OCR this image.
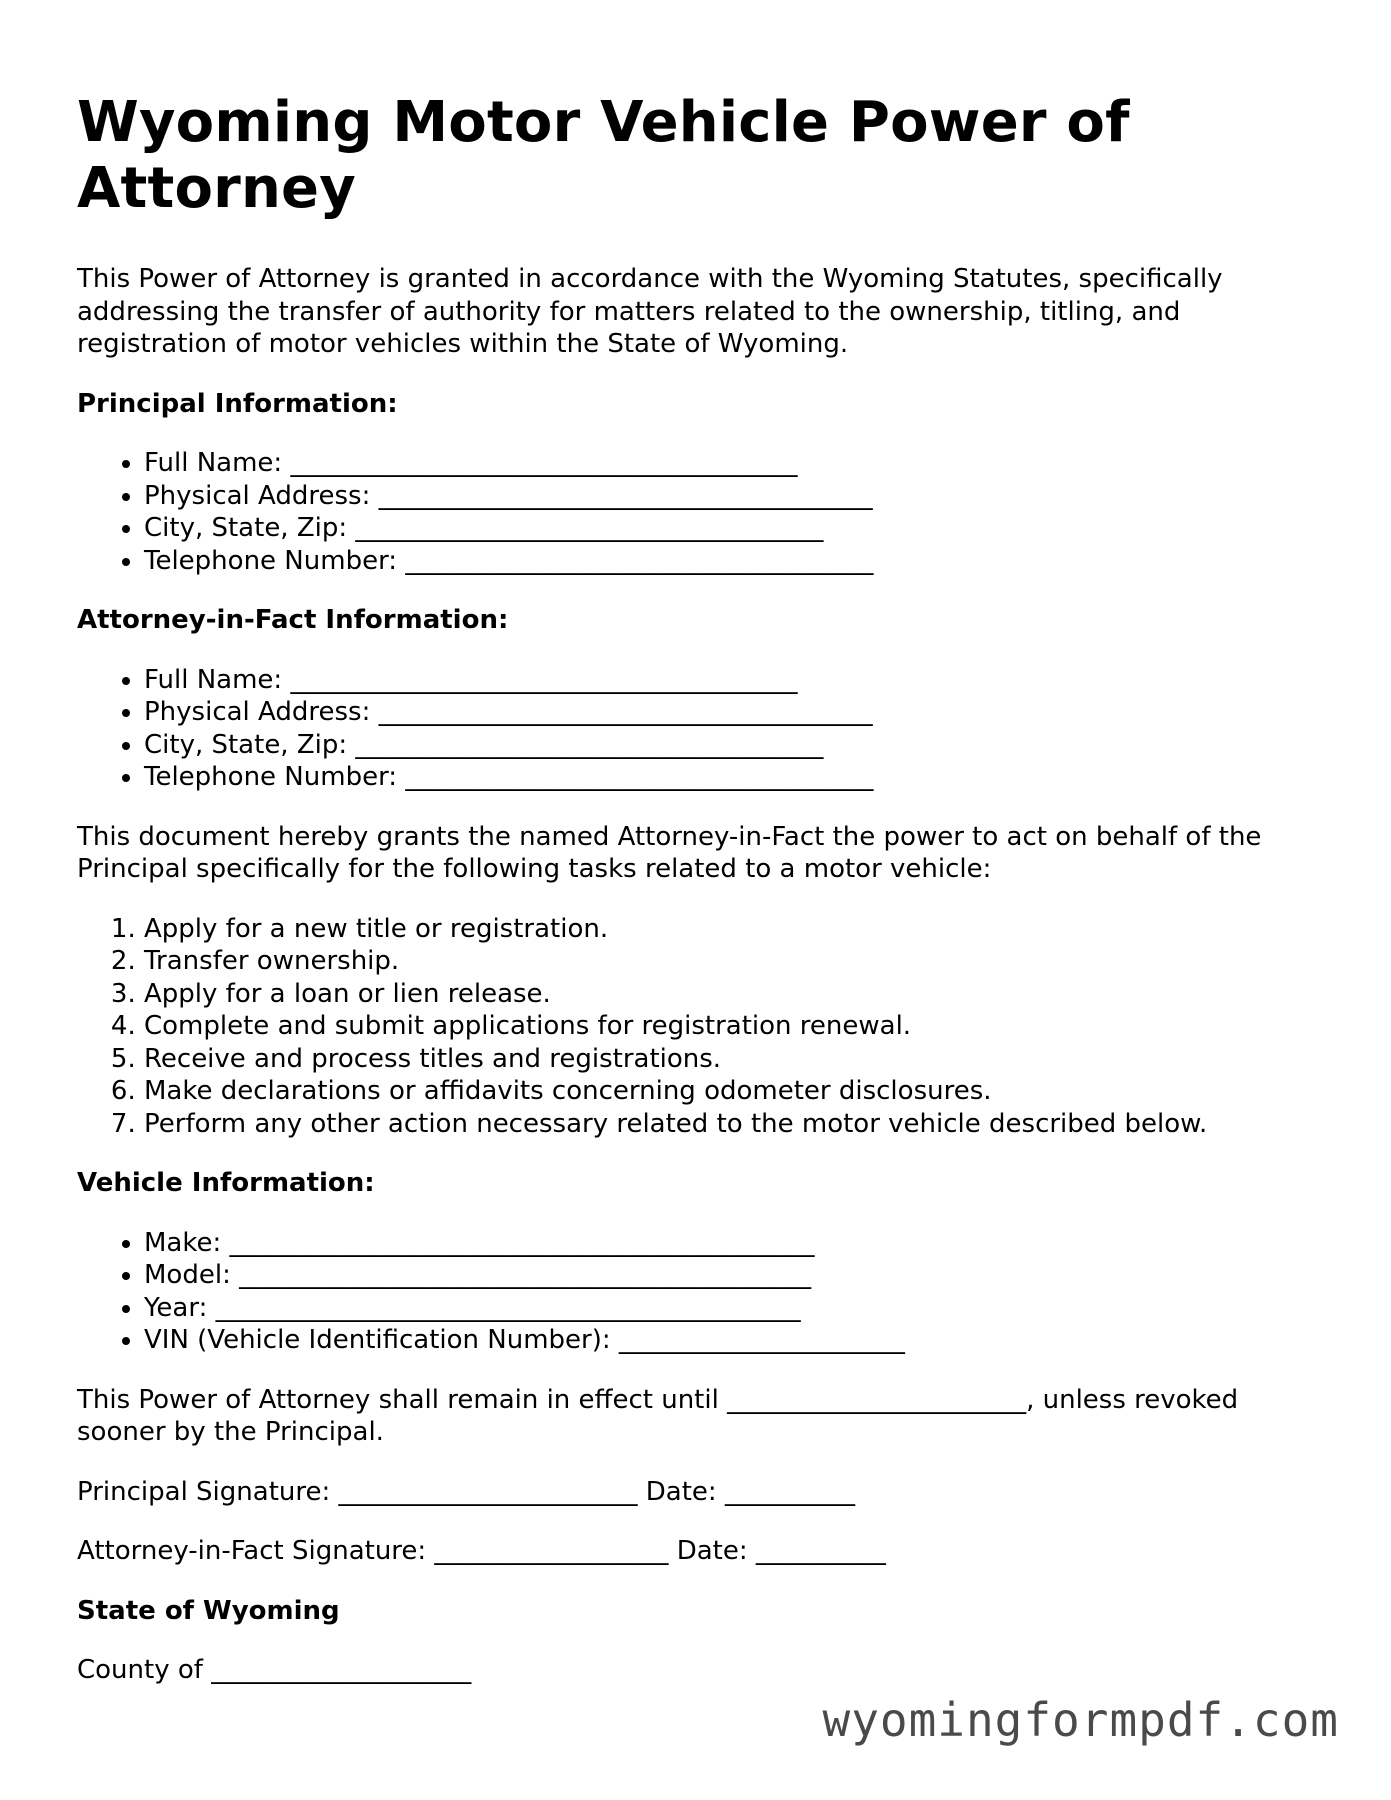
Wyoming Motor Vehicle Power of Attorney

This Power of Attorney is granted in accordance with the Wyoming Statutes, specifically addressing the transfer of authority for matters related to the ownership, titling, and registration of motor vehicles within the State of Wyoming.

Principal Information:
• Full Name: _______________________________________
• Physical Address: ______________________________________
• City, State, Zip: ____________________________________
• Telephone Number: ____________________________________
Attorney-in-Fact Information:
• Full Name: _______________________________________
• Physical Address: ______________________________________
• City, State, Zip: ____________________________________
• Telephone Number: ____________________________________

This document hereby grants the named Attorney-in-Fact the power to act on behalf of the Principal specifically for the following tasks related to a motor vehicle:

1. Apply for a new title or registration.
2. Transfer ownership.
3. Apply for a loan or lien release.
4. Complete and submit applications for registration renewal.
5. Receive and process titles and registrations.
6. Make declarations or affidavits concerning odometer disclosures.
7. Perform any other action necessary related to the motor vehicle described below.
Vehicle Information:
• Make: _____________________________________________
• Model: ____________________________________________
• Year: _____________________________________________
• VIN (Vehicle Identification Number): ______________________

This Power of Attorney shall remain in effect until _______________________, unless revoked sooner by the Principal.

Principal Signature: _______________________ Date: __________

Attorney-in-Fact Signature: __________________ Date: __________

State of Wyoming

County of ____________________

wyomingformpdf.com
